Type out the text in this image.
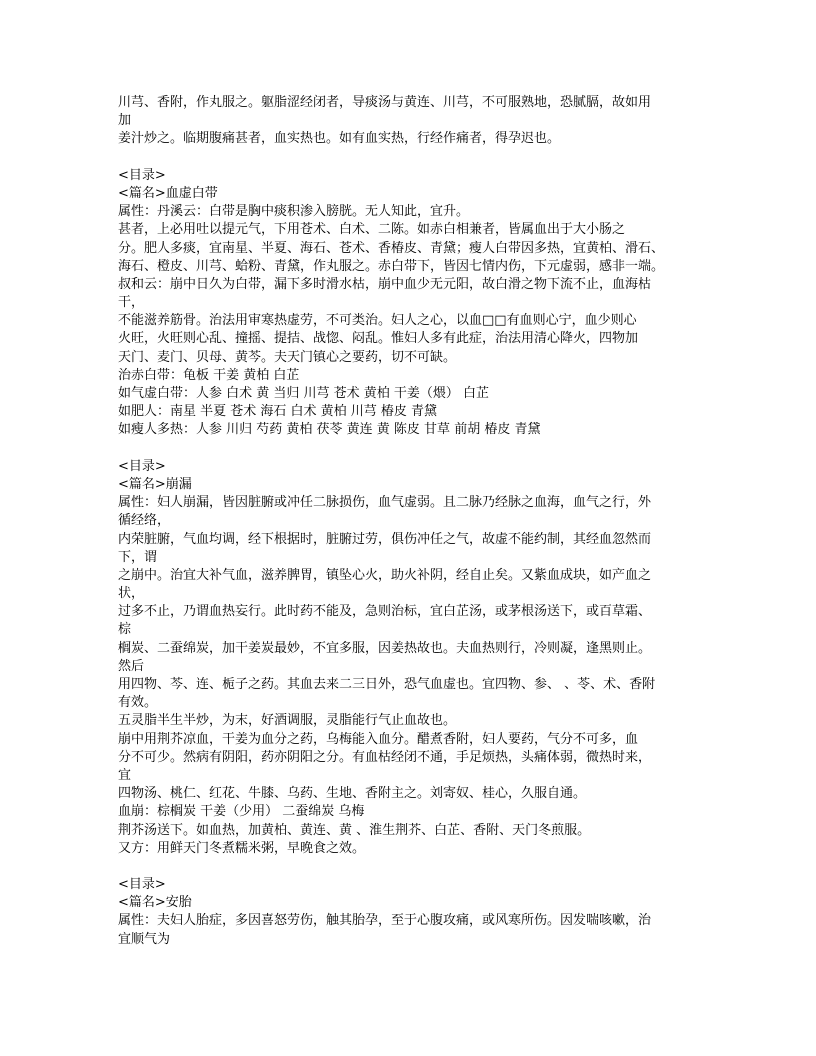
川芎、香附，作丸服之。躯脂涩经闭者，导痰汤与黄连、川芎，不可服熟地，恐腻膈，故如用
加
姜汁炒之。临期腹痛甚者，血实热也。如有血实热，行经作痛者，得孕迟也。
<目录>
<篇名>血虚白带
属性：丹溪云：白带是胸中痰积渗入膀胱。无人知此，宜升。
甚者，上必用吐以提元气，下用苍术、白术、二陈。如赤白相兼者，皆属血出于大小肠之
分。肥人多痰，宜南星、半夏、海石、苍术、香椿皮、青黛；瘦人白带因多热，宜黄柏、滑石、
海石、橙皮、川芎、蛤粉、青黛，作丸服之。赤白带下，皆因七情内伤，下元虚弱，感非一端。
叔和云：崩中日久为白带，漏下多时滑水枯，崩中血少无元阳，故白滑之物下流不止，血海枯
干，
不能滋养筋骨。治法用审寒热虚劳，不可类治。妇人之心，以血□□有血则心宁，血少则心
火旺，火旺则心乱、撞摇、提拮、战惚、闷乱。惟妇人多有此症，治法用清心降火，四物加
天门、麦门、贝母、黄芩。夫天门镇心之要药，切不可缺。
治赤白带：龟板 干姜 黄柏 白芷
如气虚白带：人参 白术 黄 当归 川芎 苍术 黄柏 干姜（煨） 白芷
如肥人：南星 半夏 苍术 海石 白术 黄柏 川芎 椿皮 青黛
如瘦人多热：人参 川归 芍药 黄柏 茯苓 黄连 黄 陈皮 甘草 前胡 椿皮 青黛
<目录>
<篇名>崩漏
属性：妇人崩漏，皆因脏腑或冲任二脉损伤，血气虚弱。且二脉乃经脉之血海，血气之行，外
循经络，
内荣脏腑，气血均调，经下根据时，脏腑过劳，俱伤冲任之气，故虚不能约制，其经血忽然而
下，谓
之崩中。治宜大补气血，滋养脾胃，镇坠心火，助火补阴，经自止矣。又紫血成块，如产血之
状，
过多不止，乃谓血热妄行。此时药不能及，急则治标，宜白芷汤，或茅根汤送下，或百草霜、
棕
榈炭、二蚕绵炭，加干姜炭最妙，不宜多服，因姜热故也。夫血热则行，冷则凝，逢黑则止。
然后
用四物、芩、连、栀子之药。其血去来二三日外，恐气血虚也。宜四物、参、 、苓、术、香附
有效。
五灵脂半生半炒，为末，好酒调服，灵脂能行气止血故也。
崩中用荆芥凉血，干姜为血分之药，乌梅能入血分。醋煮香附，妇人要药，气分不可多，血
分不可少。然病有阴阳，药亦阴阳之分。有血枯经闭不通，手足烦热，头痛体弱，微热时来，
宜
四物汤、桃仁、红花、牛膝、乌药、生地、香附主之。刘寄奴、桂心，久服自通。
血崩：棕榈炭 干姜（少用） 二蚕绵炭 乌梅
荆芥汤送下。如血热，加黄柏、黄连、黄 、淮生荆芥、白芷、香附、天门冬煎服。
又方：用鲜天门冬煮糯米粥，早晚食之效。
<目录>
<篇名>安胎
属性：夫妇人胎症，多因喜怒劳伤，触其胎孕，至于心腹攻痛，或风寒所伤。因发喘咳嗽，治
宜顺气为
